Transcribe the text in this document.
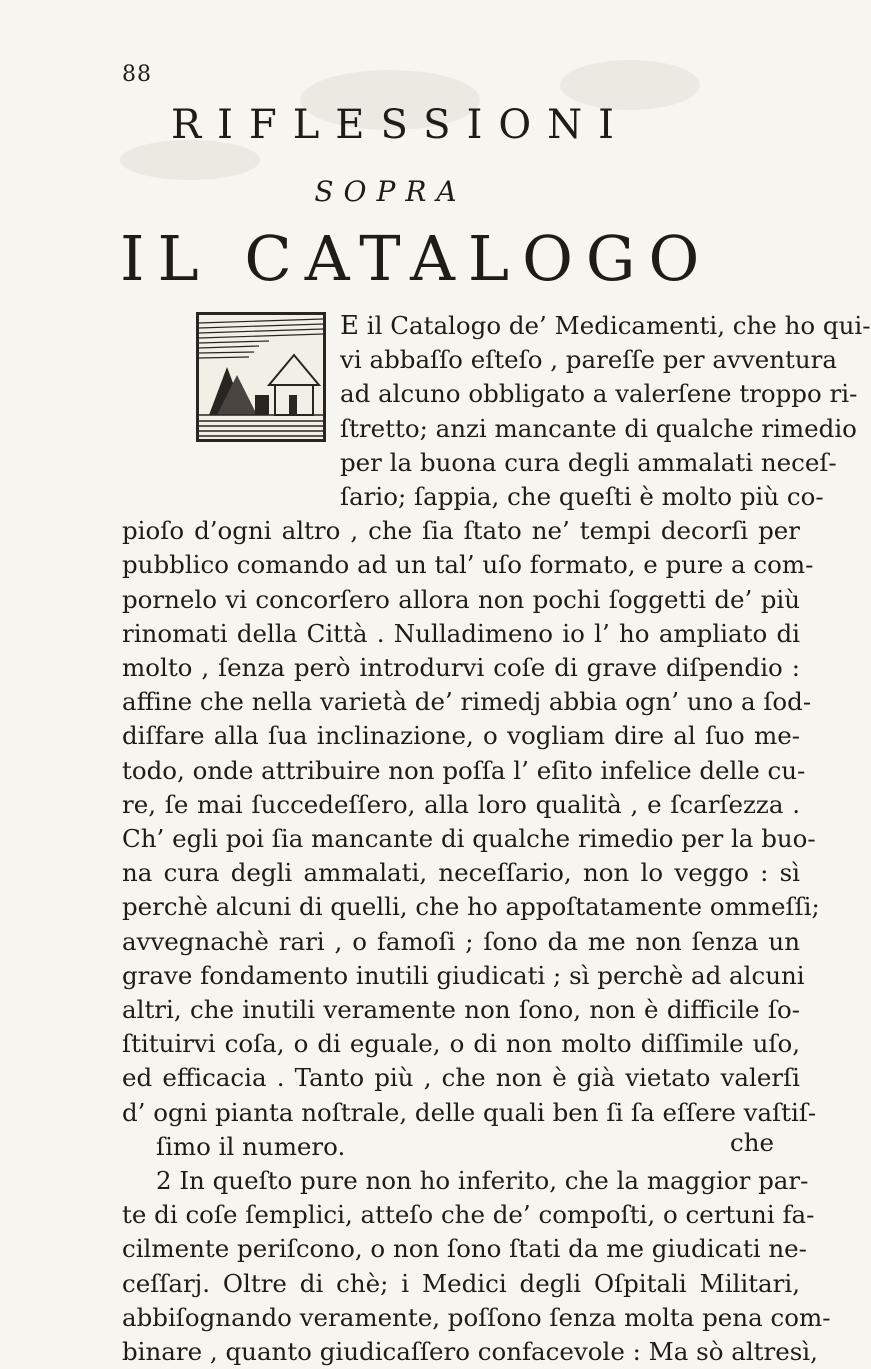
88
RIFLESSIONI
SOPRA
IL CATALOGO

E il Catalogo de’ Medicamenti, che ho qui-
vi abbaſſo eſteſo , pareſſe per avventura
ad alcuno obbligato a valerſene troppo ri-
ſtretto; anzi mancante di qualche rimedio
per la buona cura degli ammalati neceſ-
ſario; ſappia, che queſti è molto più co-
pioſo d’ogni altro , che ſia ſtato ne’ tempi decorſi per
pubblico comando ad un tal’ uſo formato, e pure a com-
pornelo vi concorſero allora non pochi ſoggetti de’ più
rinomati della Città . Nulladimeno io l’ ho ampliato di
molto , ſenza però introdurvi coſe di grave diſpendio :
affine che nella varietà de’ rimedj abbia ogn’ uno a ſod-
diſfare alla ſua inclinazione, o vogliam dire al ſuo me-
todo, onde attribuire non poſſa l’ eſito infelice delle cu-
re, ſe mai ſuccedeſſero, alla loro qualità , e ſcarſezza .
Ch’ egli poi ſia mancante di qualche rimedio per la buo-
na cura degli ammalati, neceſſario, non lo veggo : sì
perchè alcuni di quelli, che ho appoſtatamente ommeſſi;
avvegnachè rari , o famoſi ; ſono da me non ſenza un
grave fondamento inutili giudicati ; sì perchè ad alcuni
altri, che inutili veramente non ſono, non è difficile ſo-
ſtituirvi coſa, o di eguale, o di non molto diſſimile uſo,
ed efficacia . Tanto più , che non è già vietato valerſi
d’ ogni pianta noſtrale, delle quali ben ſi ſa eſſere vaſtiſ-
ſimo il numero.

2 In queſto pure non ho inferito, che la maggior par-
te di coſe ſemplici, atteſo che de’ compoſti, o certuni fa-
cilmente periſcono, o non ſono ſtati da me giudicati ne-
ceſſarj. Oltre di chè; i Medici degli Oſpitali Militari,
abbiſognando veramente, poſſono ſenza molta pena com-
binare , quanto giudicaſſero confacevole : Ma sò altresì,

che
